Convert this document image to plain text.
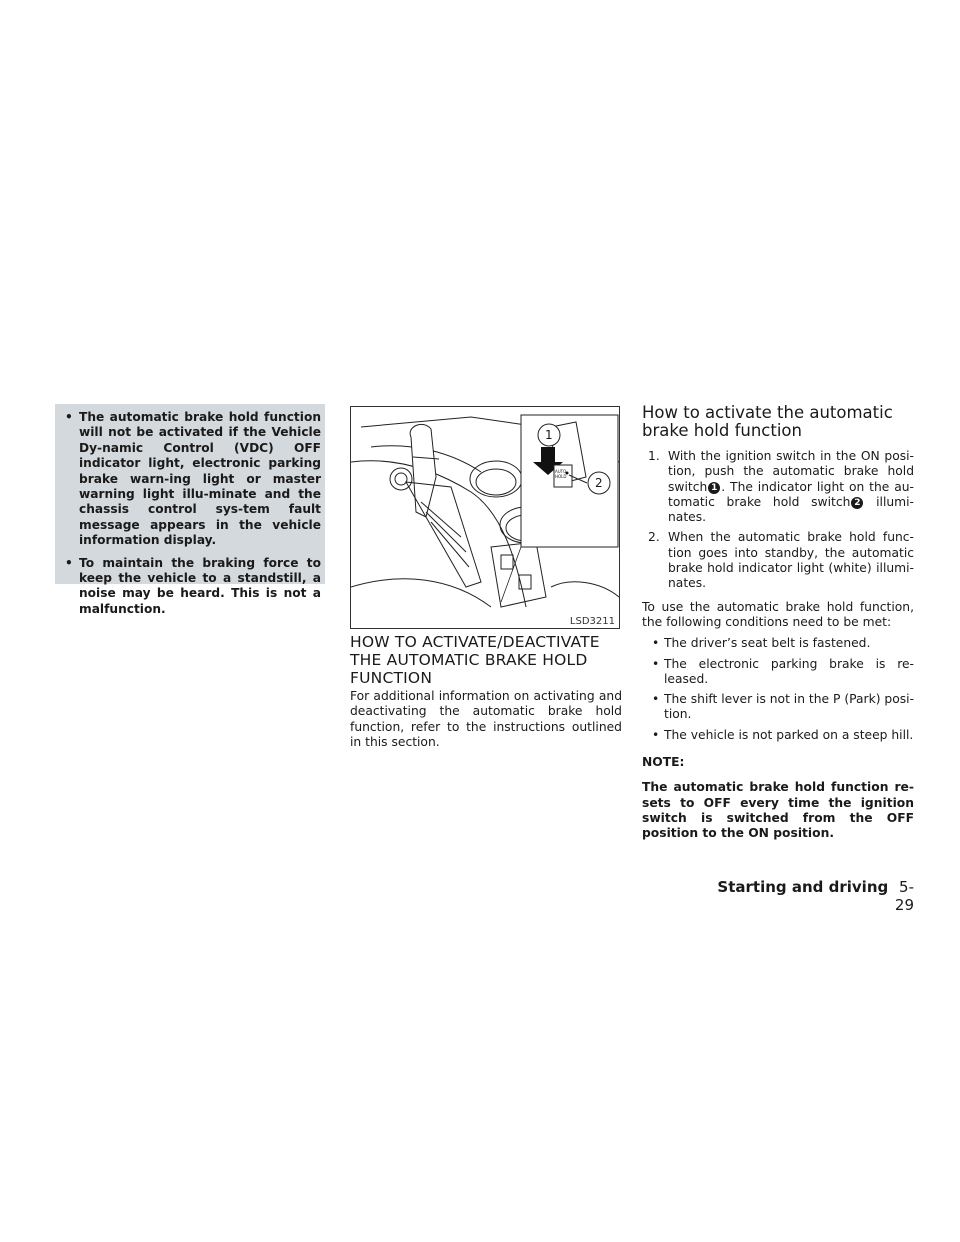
• The automatic brake hold function will not be activated if the Vehicle Dy-namic Control (VDC) OFF indicator light, electronic parking brake warn-ing light or master warning light illu-minate and the chassis control sys-tem fault message appears in the vehicle information display.
• To maintain the braking force to keep the vehicle to a standstill, a noise may be heard. This is not a malfunction.
1
2
AUTO HOLD
LSD3211
HOW TO ACTIVATE/DEACTIVATE THE AUTOMATIC BRAKE HOLD FUNCTION
For additional information on activating and deactivating the automatic brake hold function, refer to the instructions outlined in this section.
How to activate the automatic brake hold function
1. With the ignition switch in the ON posi-tion, push the automatic brake hold switch 1 . The indicator light on the au-tomatic brake hold switch 2 illumi-nates.
2. When the automatic brake hold func-tion goes into standby, the automatic brake hold indicator light (white) illumi-nates.
To use the automatic brake hold function, the following conditions need to be met:
• The driver’s seat belt is fastened.
• The electronic parking brake is re-leased.
• The shift lever is not in the P (Park) posi-tion.
• The vehicle is not parked on a steep hill.
NOTE:
The automatic brake hold function re-sets to OFF every time the ignition switch is switched from the OFF position to the ON position.
Starting and driving 5-29
